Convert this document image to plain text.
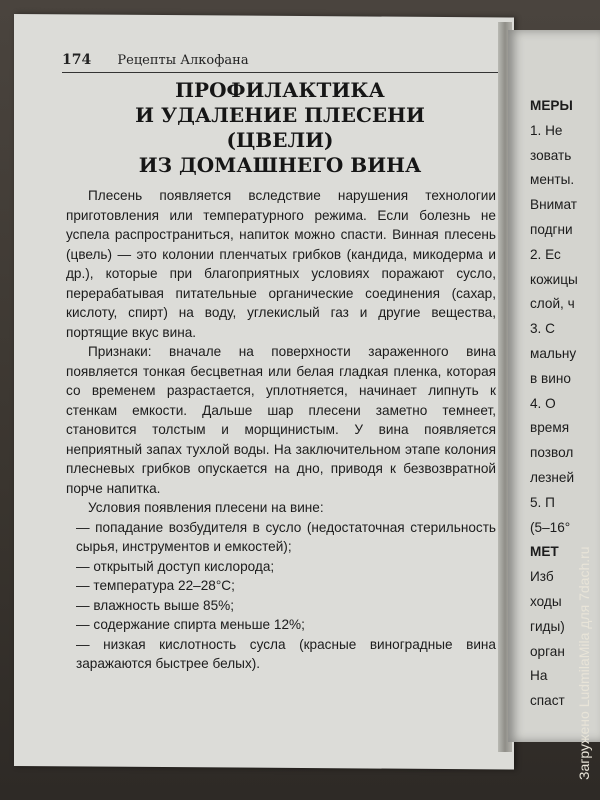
174 Рецепты Алкофана
ПРОФИЛАКТИКА
И УДАЛЕНИЕ ПЛЕСЕНИ (ЦВЕЛИ)
ИЗ ДОМАШНЕГО ВИНА

Плесень появляется вследствие нарушения технологии приготовления или температурного режима. Если болезнь не успела распространиться, напиток можно спасти. Винная плесень (цвель) — это колонии пленчатых грибков (кандида, микодерма и др.), которые при благоприятных условиях поражают сусло, перерабатывая питательные органические соединения (сахар, кислоту, спирт) на воду, углекислый газ и другие вещества, портящие вкус вина.

Признаки: вначале на поверхности зараженного вина появляется тонкая бесцветная или белая гладкая пленка, которая со временем разрастается, уплотняется, начинает липнуть к стенкам емкости. Дальше шар плесени заметно темнеет, становится толстым и морщинистым. У вина появляется неприятный запах тухлой воды. На заключительном этапе колония плесневых грибков опускается на дно, приводя к безвозвратной порче напитка.

Условия появления плесени на вине:

— попадание возбудителя в сусло (недостаточная стерильность сырья, инструментов и емкостей);

— открытый доступ кислорода;

— температура 22–28°С;

— влажность выше 85%;

— содержание спирта меньше 12%;

— низкая кислотность сусла (красные виноградные вина заражаются быстрее белых).

МЕРЫ
1. Не
зовать
менты.
Внимат
подгни
2. Ес
кожицы
слой, ч
3. С
мальну
в вино
4. О
время
позвол
лезней
5. П
(5–16°
МЕТ
Изб
ходы
гиды)
орган
На
спаст Загружено LudmilaMila для 7dach.ru
